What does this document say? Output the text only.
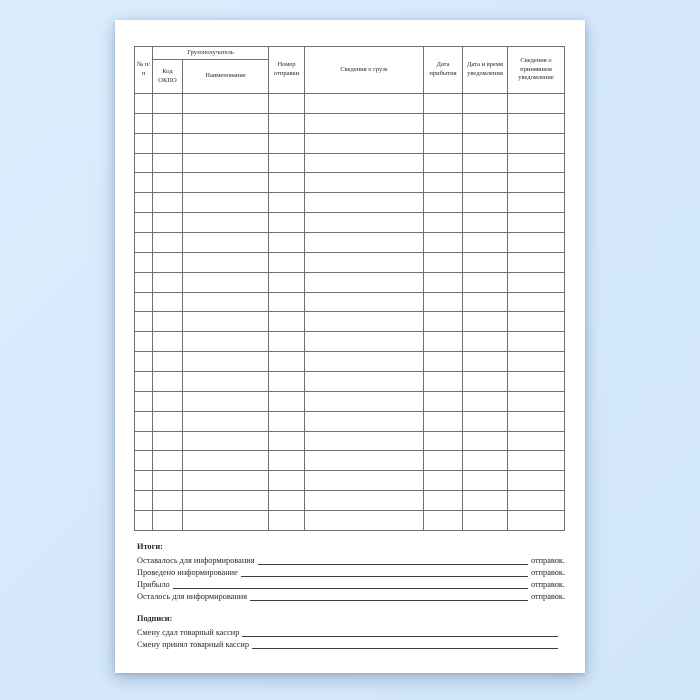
№ п/п	Грузополучатель		Номер отправки	Сведения о грузе	Дата прибытия	Дата и время уведомления	Сведения о принявшем уведомление
	Код ОКПО	Наименование					

Итоги:
Оставалось для информирования	отправок.
Проведено информирование	отправок.
Прибыло	отправок.
Осталось для информирования	отправок.
Подписи:
Смену сдал товарный кассир
Смену принял товарный кассир
